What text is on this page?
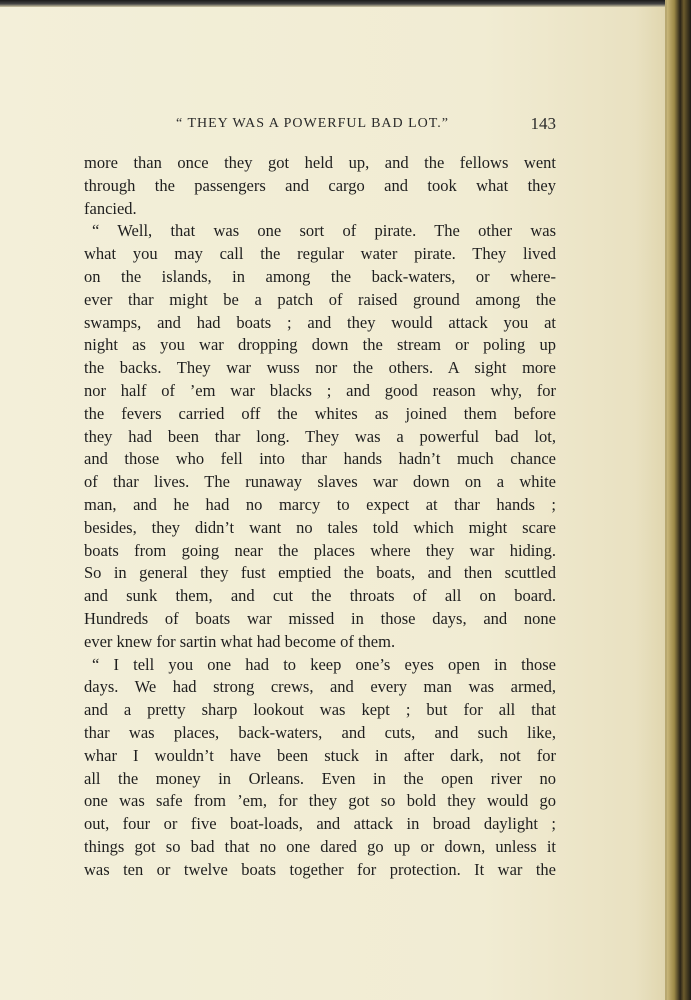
“ THEY WAS A POWERFUL BAD LOT.”	143
more than once they got held up, and the fellows went
through the passengers and cargo and took what they
fancied.
“ Well, that was one sort of pirate. The other was
what you may call the regular water pirate. They lived
on the islands, in among the back-waters, or where-
ever thar might be a patch of raised ground among the
swamps, and had boats ; and they would attack you at
night as you war dropping down the stream or poling up
the backs. They war wuss nor the others. A sight more
nor half of ’em war blacks ; and good reason why, for
the fevers carried off the whites as joined them before
they had been thar long. They was a powerful bad lot,
and those who fell into thar hands hadn’t much chance
of thar lives. The runaway slaves war down on a white
man, and he had no marcy to expect at thar hands ;
besides, they didn’t want no tales told which might scare
boats from going near the places where they war hiding.
So in general they fust emptied the boats, and then scuttled
and sunk them, and cut the throats of all on board.
Hundreds of boats war missed in those days, and none
ever knew for sartin what had become of them.
“ I tell you one had to keep one’s eyes open in those
days. We had strong crews, and every man was armed,
and a pretty sharp lookout was kept ; but for all that
thar was places, back-waters, and cuts, and such like,
whar I wouldn’t have been stuck in after dark, not for
all the money in Orleans. Even in the open river no
one was safe from ’em, for they got so bold they would go
out, four or five boat-loads, and attack in broad daylight ;
things got so bad that no one dared go up or down, unless it
was ten or twelve boats together for protection. It war the
